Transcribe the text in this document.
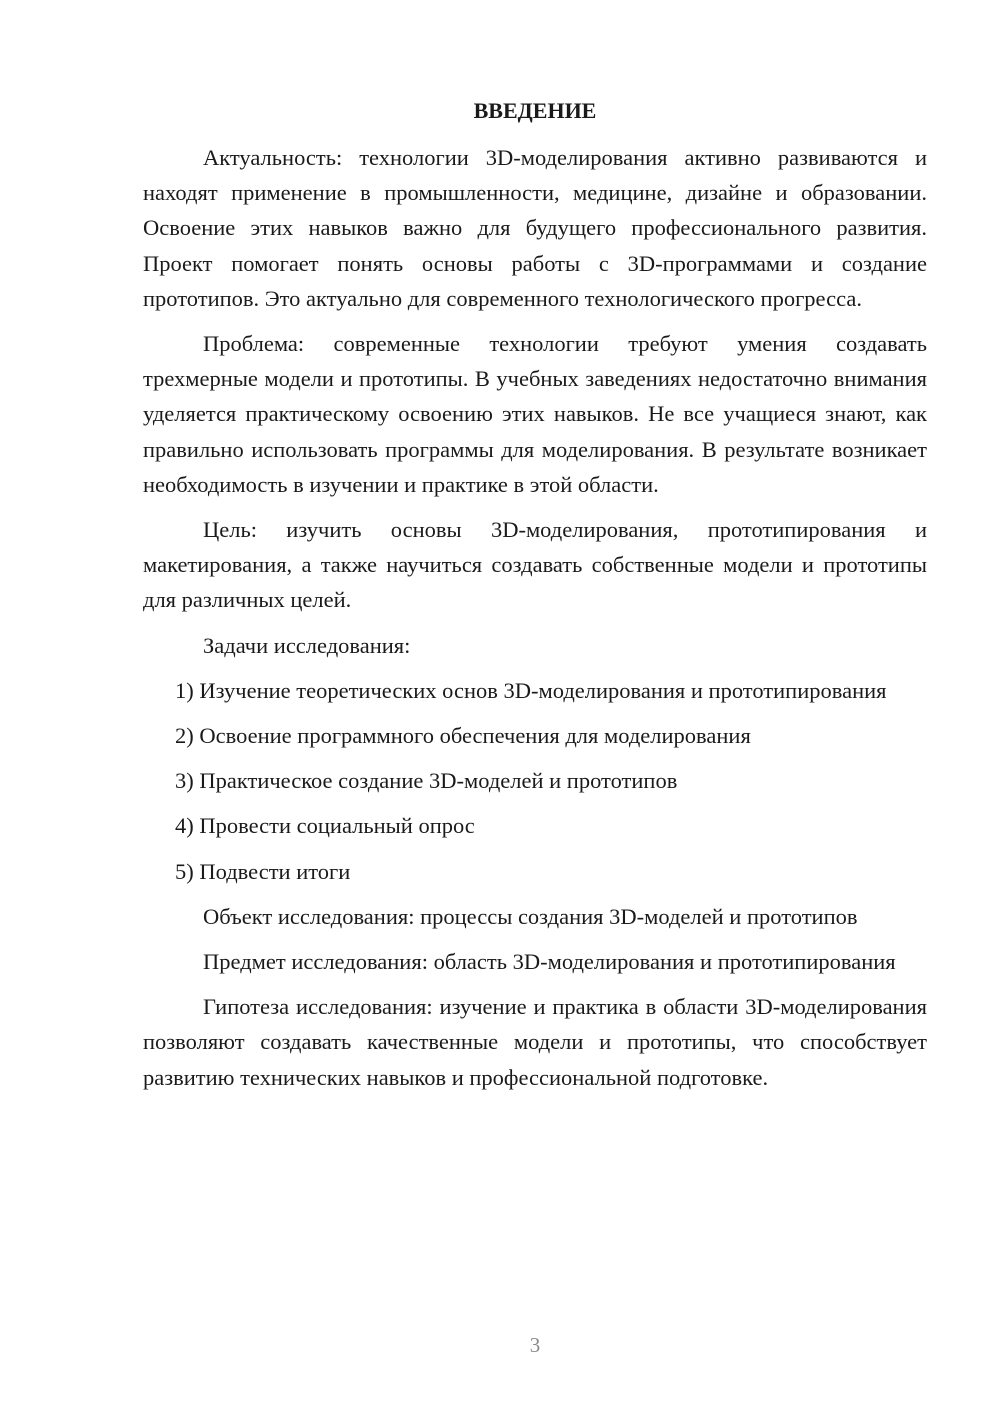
ВВЕДЕНИЕ

Актуальность: технологии 3D-моделирования активно развиваются и находят применение в промышленности, медицине, дизайне и образовании. Освоение этих навыков важно для будущего профессионального развития. Проект помогает понять основы работы с 3D-программами и создание прототипов. Это актуально для современного технологического прогресса.

Проблема: современные технологии требуют умения создавать трехмерные модели и прототипы. В учебных заведениях недостаточно внимания уделяется практическому освоению этих навыков. Не все учащиеся знают, как правильно использовать программы для моделирования. В результате возникает необходимость в изучении и практике в этой области.

Цель: изучить основы 3D-моделирования, прототипирования и макетирования, а также научиться создавать собственные модели и прототипы для различных целей.

Задачи исследования:

1) Изучение теоретических основ 3D-моделирования и прототипирования

2) Освоение программного обеспечения для моделирования

3) Практическое создание 3D-моделей и прототипов

4) Провести социальный опрос

5) Подвести итоги

Объект исследования: процессы создания 3D-моделей и прототипов

Предмет исследования: область 3D-моделирования и прототипирования

Гипотеза исследования: изучение и практика в области 3D-моделирования позволяют создавать качественные модели и прототипы, что способствует развитию технических навыков и профессиональной подготовке.

3
